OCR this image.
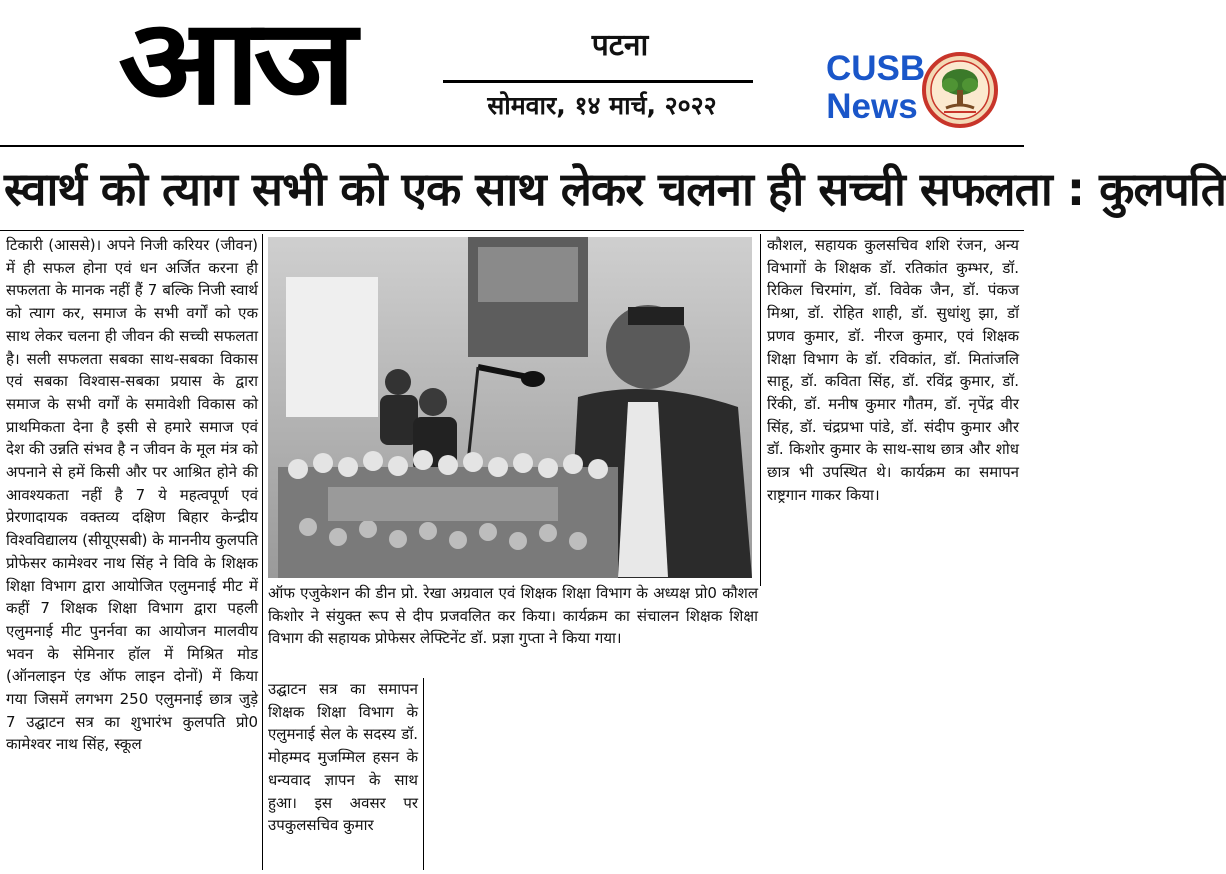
आज	पटना
सोमवार, १४ मार्च, २०२२
CUSB
News
स्वार्थ को त्याग सभी को एक साथ लेकर चलना ही सच्ची सफलता : कुलपति

टिकारी (आससे)। अपने निजी करियर (जीवन) में ही सफल होना एवं धन अर्जित करना ही सफलता के मानक नहीं हैं 7 बल्कि निजी स्वार्थ को त्याग कर, समाज के सभी वर्गों को एक साथ लेकर चलना ही जीवन की सच्ची सफलता है। सली सफलता सबका साथ-सबका विकास एवं सबका विश्वास-सबका प्रयास के द्वारा समाज के सभी वर्गों के समावेशी विकास को प्राथमिकता देना है इसी से हमारे समाज एवं देश की उन्नति संभव है न जीवन के मूल मंत्र को अपनाने से हमें किसी और पर आश्रित होने की आवश्यकता नहीं है 7 ये महत्वपूर्ण एवं प्रेरणादायक वक्तव्य दक्षिण बिहार केन्द्रीय विश्वविद्यालय (सीयूएसबी) के माननीय कुलपति प्रोफेसर कामेश्वर नाथ सिंह ने विवि के शिक्षक शिक्षा विभाग द्वारा आयोजित एलुमनाई मीट में कहीं 7 शिक्षक शिक्षा विभाग द्वारा पहली एलुमनाई मीट पुनर्नवा का आयोजन मालवीय भवन के सेमिनार हॉल में मिश्रित मोड (ऑनलाइन एंड ऑफ लाइन दोनों) में किया गया जिसमें लगभग 250 एलुमनाई छात्र जुड़े 7 उद्घाटन सत्र का शुभारंभ कुलपति प्रो0 कामेश्वर नाथ सिंह, स्कूल

ऑफ एजुकेशन की डीन प्रो. रेखा अग्रवाल एवं शिक्षक शिक्षा विभाग के अध्यक्ष प्रो0 कौशल किशोर ने संयुक्त रूप से दीप प्रजवलित कर किया। कार्यक्रम का संचालन शिक्षक शिक्षा विभाग की सहायक प्रोफेसर लेफ्टिनेंट डॉ. प्रज्ञा गुप्ता ने किया गया।

उद्घाटन सत्र का समापन शिक्षक शिक्षा विभाग के एलुमनाई सेल के सदस्य डॉ. मोहम्मद मुजम्मिल हसन के धन्यवाद ज्ञापन के साथ हुआ। इस अवसर पर उपकुलसचिव कुमार

कौशल, सहायक कुलसचिव शशि रंजन, अन्य विभागों के शिक्षक डॉ. रतिकांत कुम्भर, डॉ. रिकिल चिरमांग, डॉ. विवेक जैन, डॉ. पंकज मिश्रा, डॉ. रोहित शाही, डॉ. सुधांशु झा, डॉ प्रणव कुमार, डॉ. नीरज कुमार, एवं शिक्षक शिक्षा विभाग के डॉ. रविकांत, डॉ. मितांजलि साहू, डॉ. कविता सिंह, डॉ. रविंद्र कुमार, डॉ. रिंकी, डॉ. मनीष कुमार गौतम, डॉ. नृपेंद्र वीर सिंह, डॉ. चंद्रप्रभा पांडे, डॉ. संदीप कुमार और डॉ. किशोर कुमार के साथ-साथ छात्र और शोध छात्र भी उपस्थित थे। कार्यक्रम का समापन राष्ट्रगान गाकर किया।
